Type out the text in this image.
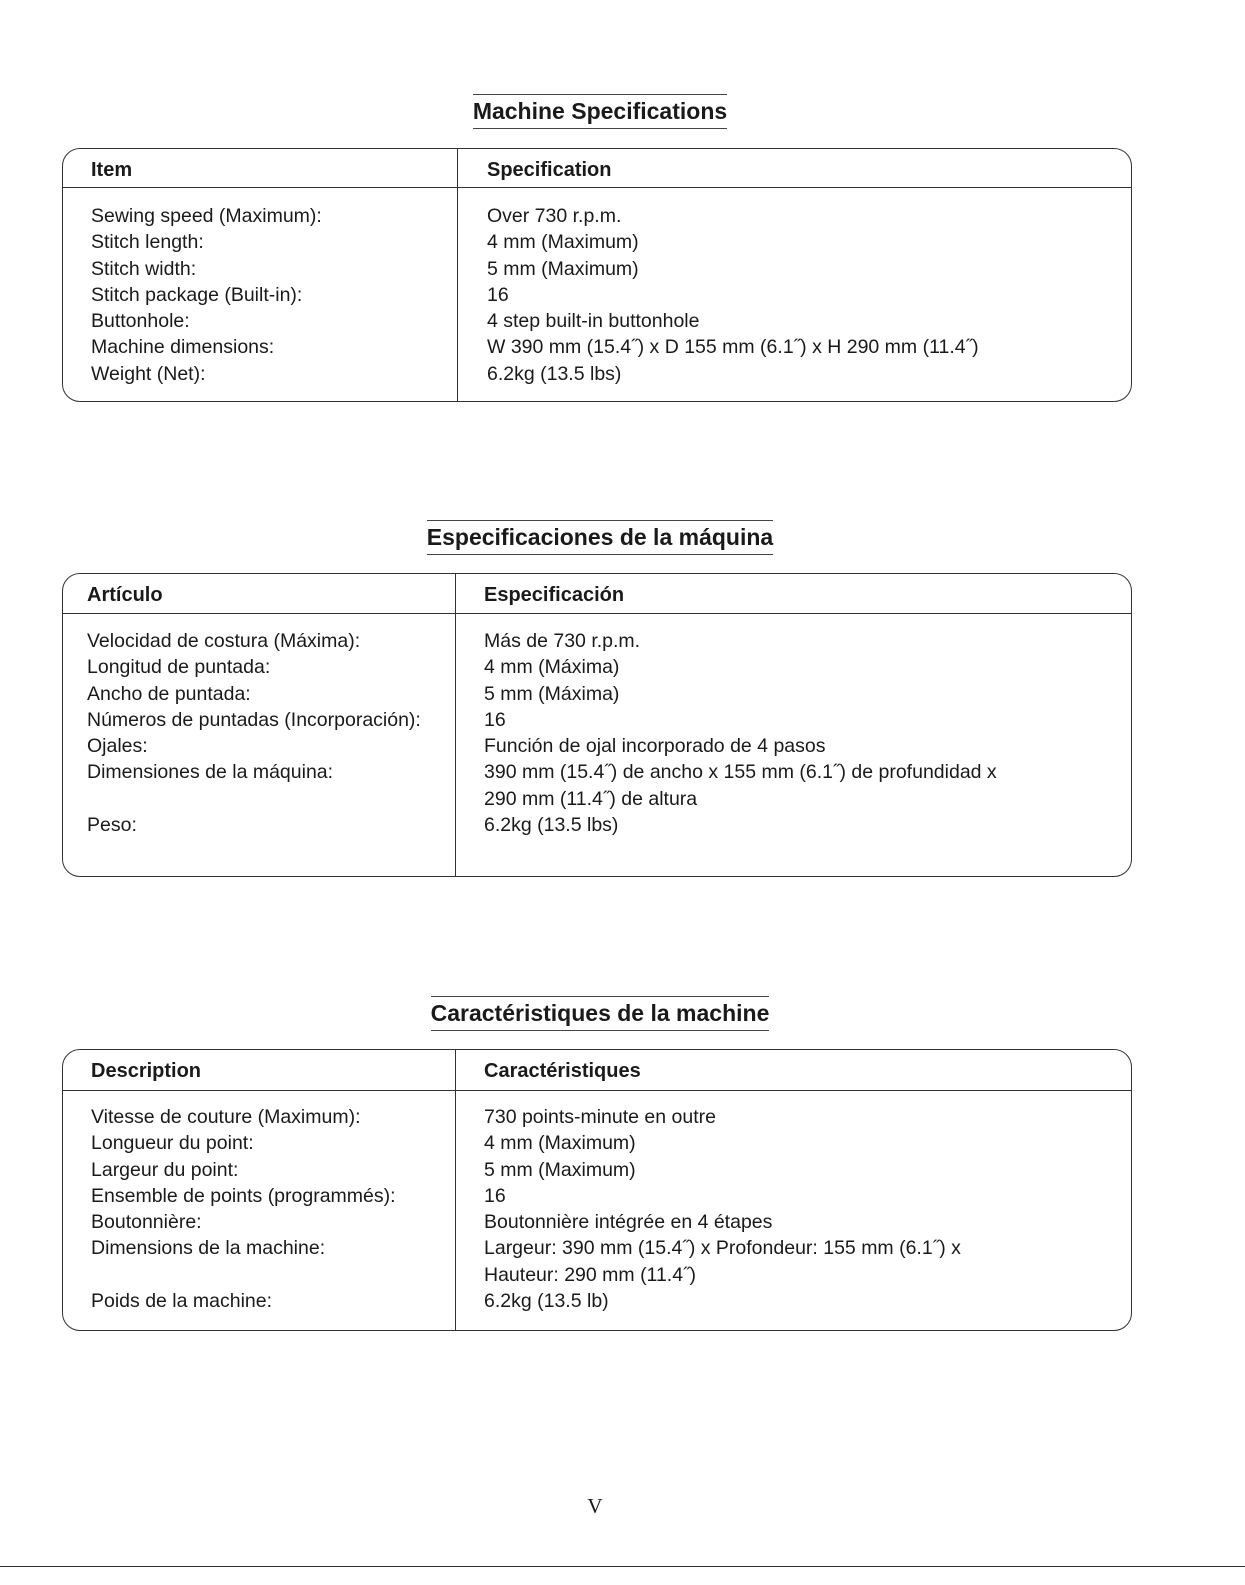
Machine Specifications
Item	Specification
Sewing speed (Maximum):	Over 730 r.p.m.
Stitch length:	4 mm (Maximum)
Stitch width:	5 mm (Maximum)
Stitch package (Built-in):	16
Buttonhole:	4 step built-in buttonhole
Machine dimensions:	W 390 mm (15.4˝) x D 155 mm (6.1˝) x H 290 mm (11.4˝)
Weight (Net):	6.2kg (13.5 lbs)
Especificaciones de la máquina
Artículo	Especificación
Velocidad de costura (Máxima):	Más de 730 r.p.m.
Longitud de puntada:	4 mm (Máxima)
Ancho de puntada:	5 mm (Máxima)
Números de puntadas (Incorporación):	16
Ojales:	Función de ojal incorporado de 4 pasos
Dimensiones de la máquina:	390 mm (15.4˝) de ancho x 155 mm (6.1˝) de profundidad x
290 mm (11.4˝) de altura
Peso:	6.2kg (13.5 lbs)
Caractéristiques de la machine
Description	Caractéristiques
Vitesse de couture (Maximum):	730 points-minute en outre
Longueur du point:	4 mm (Maximum)
Largeur du point:	5 mm (Maximum)
Ensemble de points (programmés):	16
Boutonnière:	Boutonnière intégrée en 4 étapes
Dimensions de la machine:	Largeur: 390 mm (15.4˝) x Profondeur: 155 mm (6.1˝) x
Hauteur: 290 mm (11.4˝)
Poids de la machine:	6.2kg (13.5 lb)
V
